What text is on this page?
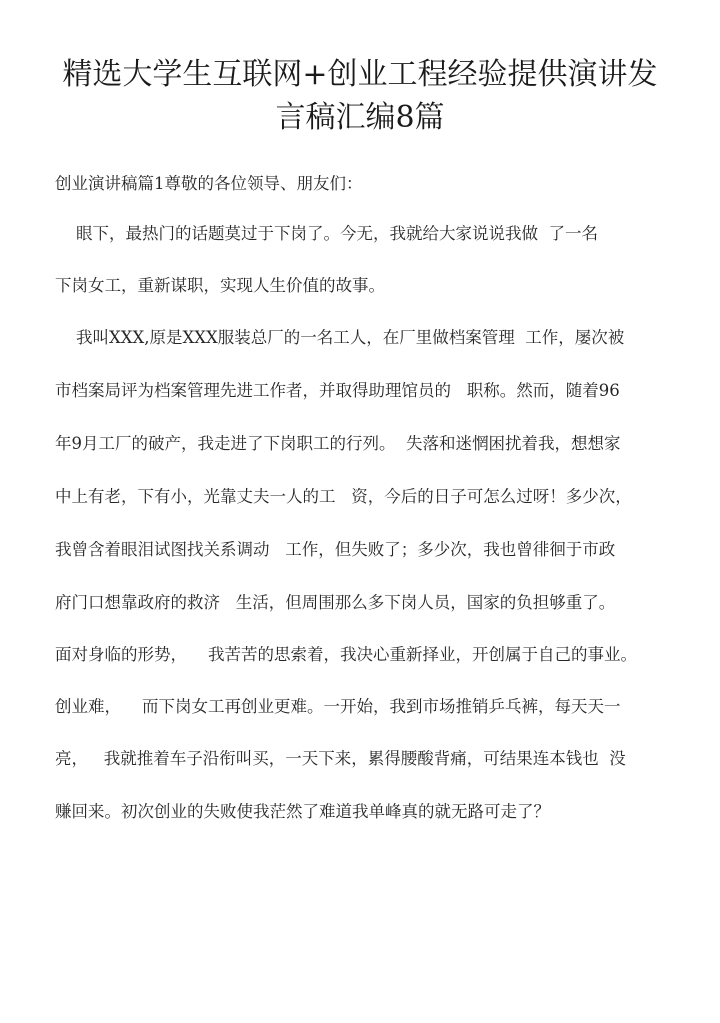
精选大学生互联网+创业工程经验提供演讲发
言稿汇编8篇
创业演讲稿篇1尊敬的各位领导、朋友们：
眼下，最热门的话题莫过于下岗了。今无，我就给大家说说我做  了一名
下岗女工，重新谋职，实现人生价值的故事。
我叫XXX,原是XXX服装总厂的一名工人，在厂里做档案管理  工作，屡次被
市档案局评为档案管理先进工作者，并取得助理馆员的   职称。然而，随着96
年9月工厂的破产，我走进了下岗职工的行列。  失落和迷惘困扰着我，想想家
中上有老，下有小，光靠丈夫一人的工   资，今后的日子可怎么过呀！多少次，
我曾含着眼泪试图找关系调动   工作，但失败了；多少次，我也曾徘徊于市政
府门口想靠政府的救济   生活，但周围那么多下岗人员，国家的负担够重了。
面对身临的形势，    我苦苦的思索着，我决心重新择业，开创属于自己的事业。
创业难，    而下岗女工再创业更难。一开始，我到市场推销乒乓裤，每天天一
亮，   我就推着车子沿衔叫买，一天下来，累得腰酸背痛，可结果连本钱也  没
赚回来。初次创业的失败使我茫然了难道我单峰真的就无路可走了？
